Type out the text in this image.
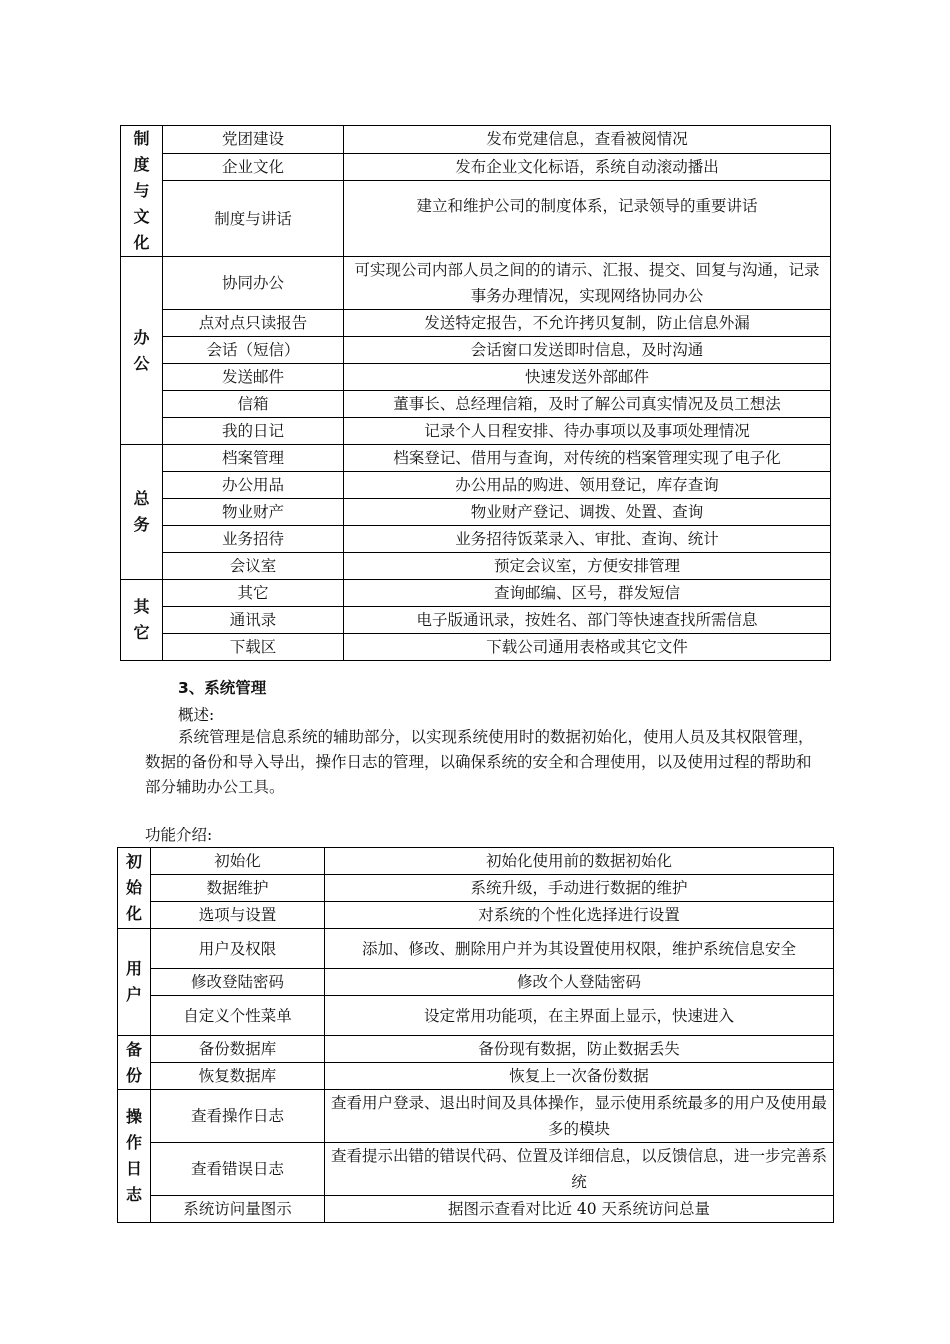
制
度
与
文
化	党团建设	发布党建信息，查看被阅情况
	企业文化	发布企业文化标语，系统自动滚动播出
	制度与讲话	建立和维护公司的制度体系，记录领导的重要讲话

办
公	协同办公	可实现公司内部人员之间的的请示、汇报、提交、回复与沟通，记录事务办理情况，实现网络协同办公
	点对点只读报告	发送特定报告，不允许拷贝复制，防止信息外漏
	会话（短信）	会话窗口发送即时信息，及时沟通
	发送邮件	快速发送外部邮件
	信箱	董事长、总经理信箱，及时了解公司真实情况及员工想法
	我的日记	记录个人日程安排、待办事项以及事项处理情况

总
务	档案管理	档案登记、借用与查询，对传统的档案管理实现了电子化
	办公用品	办公用品的购进、领用登记，库存查询
	物业财产	物业财产登记、调拨、处置、查询
	业务招待	业务招待饭菜录入、审批、查询、统计
	会议室	预定会议室，方便安排管理

其
它	其它	查询邮编、区号，群发短信
	通讯录	电子版通讯录，按姓名、部门等快速查找所需信息
	下载区	下载公司通用表格或其它文件
3、系统管理
概述:

系统管理是信息系统的辅助部分，以实现系统使用时的数据初始化，使用人员及其权限管理，数据的备份和导入导出，操作日志的管理，以确保系统的安全和合理使用，以及使用过程的帮助和部分辅助办公工具。

功能介绍:
初
始
化	初始化	初始化使用前的数据初始化
	数据维护	系统升级，手动进行数据的维护
	选项与设置	对系统的个性化选择进行设置

用
户	用户及权限	添加、修改、删除用户并为其设置使用权限，维护系统信息安全
	修改登陆密码	修改个人登陆密码
	自定义个性菜单	设定常用功能项，在主界面上显示，快速进入

备
份	备份数据库	备份现有数据，防止数据丢失
	恢复数据库	恢复上一次备份数据

操
作
日
志	查看操作日志	查看用户登录、退出时间及具体操作，显示使用系统最多的用户及使用最多的模块
	查看错误日志	查看提示出错的错误代码、位置及详细信息，以反馈信息，进一步完善系统
	系统访问量图示	据图示查看对比近 40 天系统访问总量
